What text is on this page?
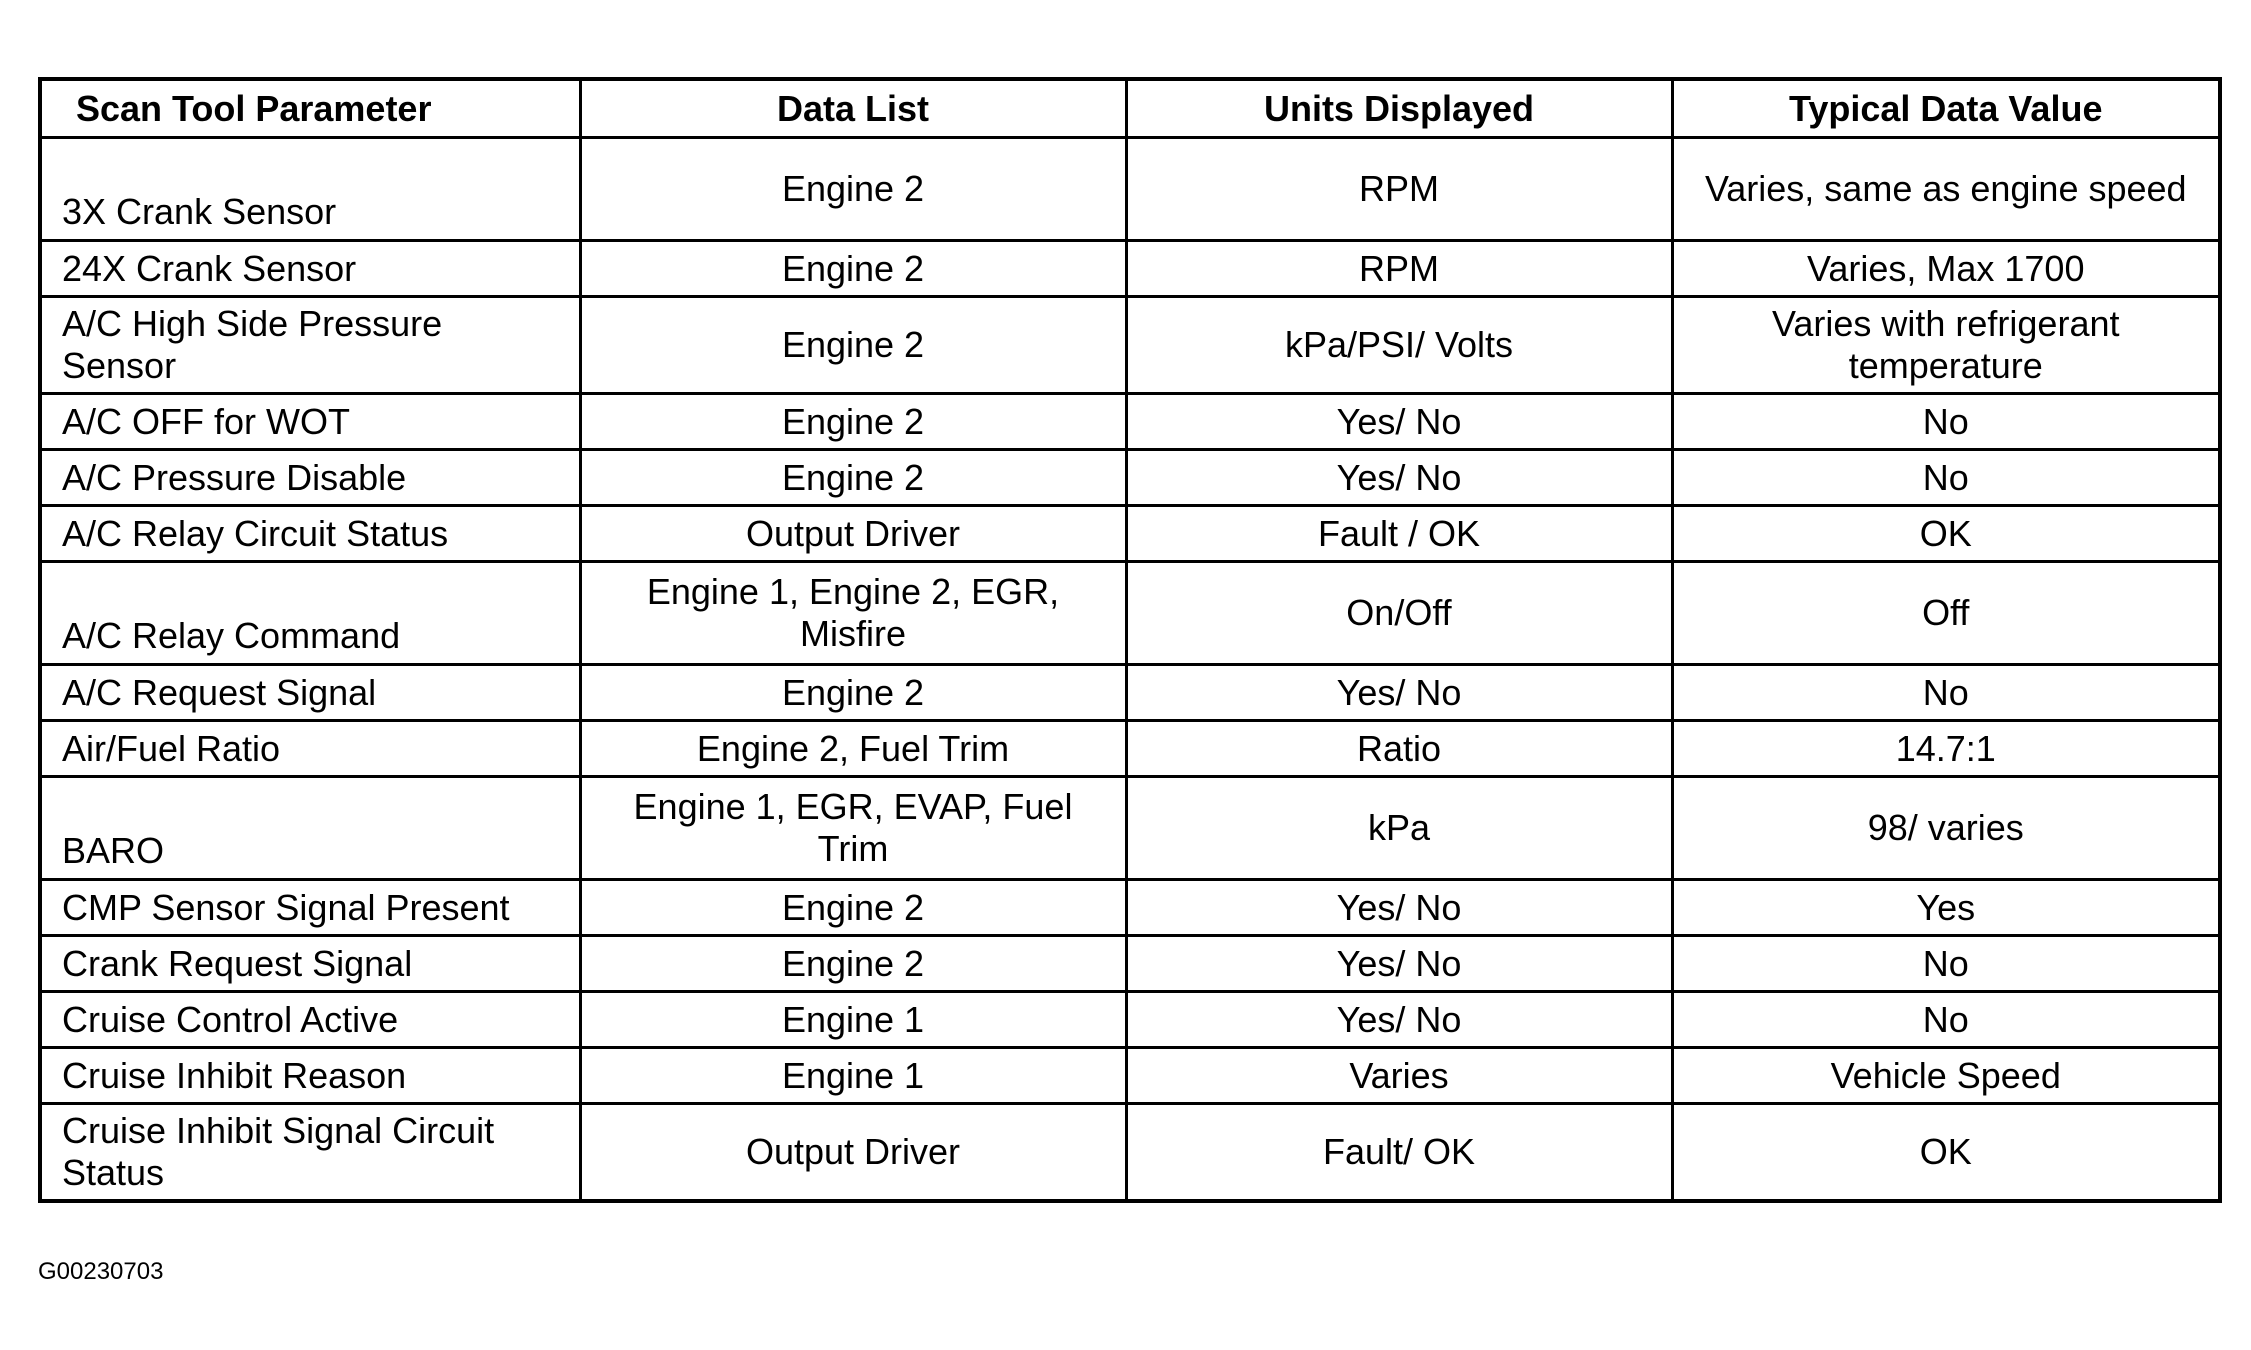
Scan Tool Parameter	Data List	Units Displayed	Typical Data Value
3X Crank Sensor	Engine 2	RPM	Varies, same as engine speed
24X Crank Sensor	Engine 2	RPM	Varies, Max 1700
A/C High Side Pressure Sensor	Engine 2	kPa/PSI/ Volts	Varies with refrigerant temperature
A/C OFF for WOT	Engine 2	Yes/ No	No
A/C Pressure Disable	Engine 2	Yes/ No	No
A/C Relay Circuit Status	Output Driver	Fault / OK	OK
A/C Relay Command	Engine 1, Engine 2, EGR, Misfire	On/Off	Off
A/C Request Signal	Engine 2	Yes/ No	No
Air/Fuel Ratio	Engine 2, Fuel Trim	Ratio	14.7:1
BARO	Engine 1, EGR, EVAP, Fuel Trim	kPa	98/ varies
CMP Sensor Signal Present	Engine 2	Yes/ No	Yes
Crank Request Signal	Engine 2	Yes/ No	No
Cruise Control Active	Engine 1	Yes/ No	No
Cruise Inhibit Reason	Engine 1	Varies	Vehicle Speed
Cruise Inhibit Signal Circuit Status	Output Driver	Fault/ OK	OK
G00230703
